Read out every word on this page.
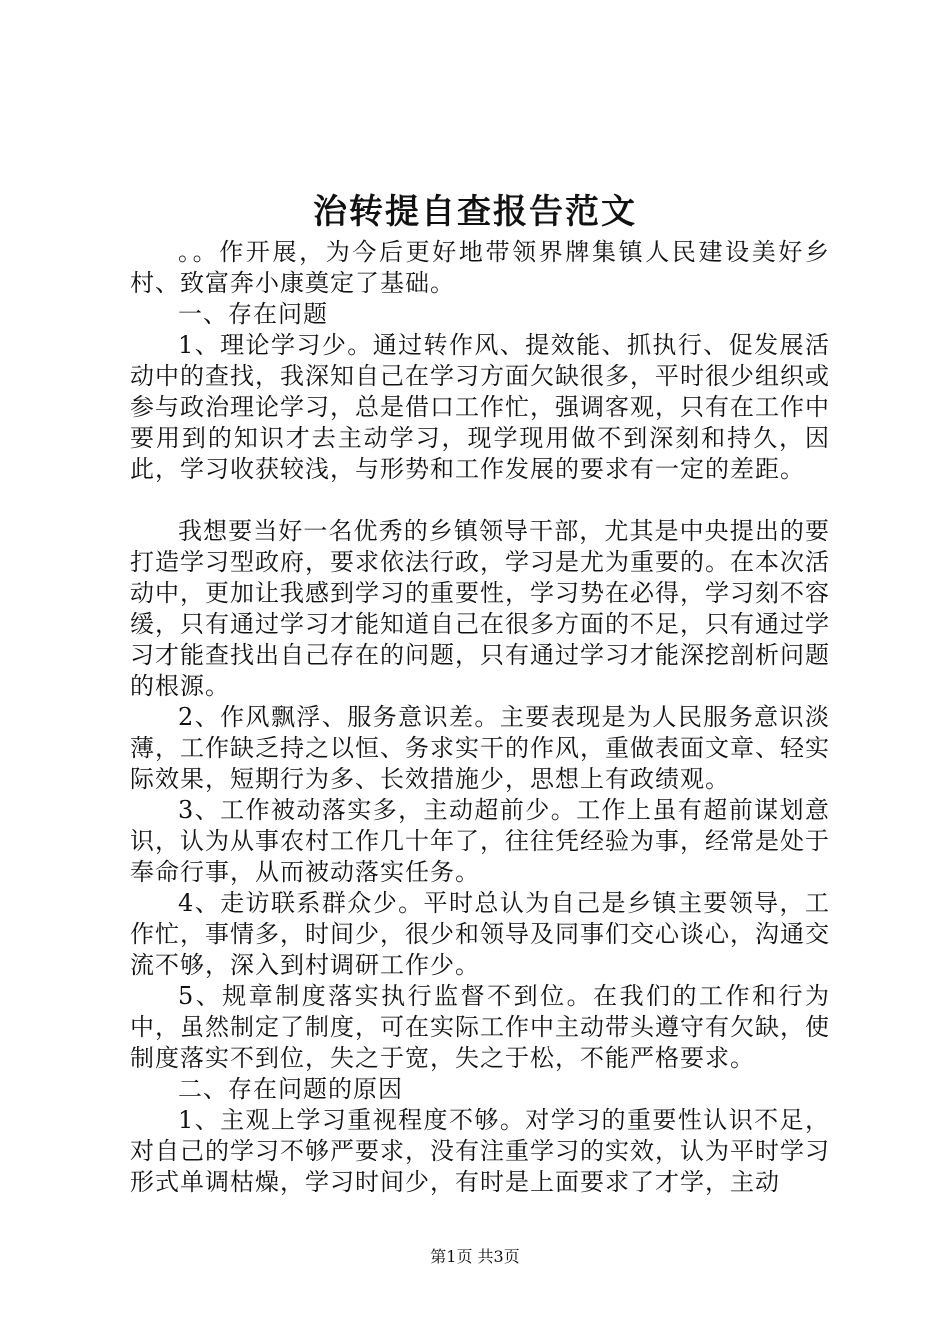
治转提自查报告范文

。。作开展，为今后更好地带领界牌集镇人民建设美好乡村、致富奔小康奠定了基础。

一、存在问题

1、理论学习少。通过转作风、提效能、抓执行、促发展活动中的查找，我深知自己在学习方面欠缺很多，平时很少组织或参与政治理论学习，总是借口工作忙，强调客观，只有在工作中要用到的知识才去主动学习，现学现用做不到深刻和持久，因此，学习收获较浅，与形势和工作发展的要求有一定的差距。

我想要当好一名优秀的乡镇领导干部，尤其是中央提出的要打造学习型政府，要求依法行政，学习是尤为重要的。在本次活动中，更加让我感到学习的重要性，学习势在必得，学习刻不容缓，只有通过学习才能知道自己在很多方面的不足，只有通过学习才能查找出自己存在的问题，只有通过学习才能深挖剖析问题的根源。

2、作风飘浮、服务意识差。主要表现是为人民服务意识淡薄，工作缺乏持之以恒、务求实干的作风，重做表面文章、轻实际效果，短期行为多、长效措施少，思想上有政绩观。

3、工作被动落实多，主动超前少。工作上虽有超前谋划意识，认为从事农村工作几十年了，往往凭经验为事，经常是处于奉命行事，从而被动落实任务。

4、走访联系群众少。平时总认为自己是乡镇主要领导，工作忙，事情多，时间少，很少和领导及同事们交心谈心，沟通交流不够，深入到村调研工作少。

5、规章制度落实执行监督不到位。在我们的工作和行为中，虽然制定了制度，可在实际工作中主动带头遵守有欠缺，使制度落实不到位，失之于宽，失之于松，不能严格要求。

二、存在问题的原因

1、主观上学习重视程度不够。对学习的重要性认识不足，对自己的学习不够严要求，没有注重学习的实效，认为平时学习形式单调枯燥，学习时间少，有时是上面要求了才学，主动

第1页 共3页
